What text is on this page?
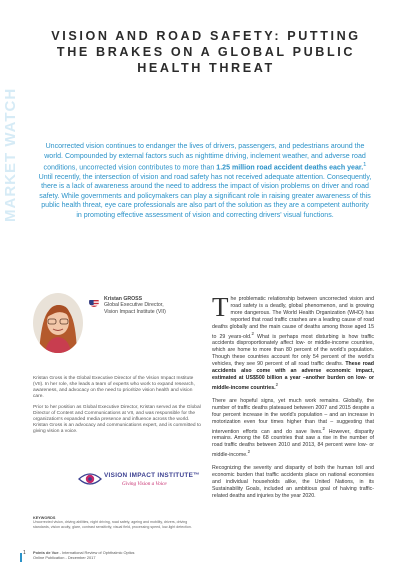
MARKET WATCH
VISION AND ROAD SAFETY: PUTTING THE BRAKES ON A GLOBAL PUBLIC HEALTH THREAT

Uncorrected vision continues to endanger the lives of drivers, passengers, and pedestrians around the world. Compounded by external factors such as nighttime driving, inclement weather, and adverse road conditions, uncorrected vision contributes to more than 1.25 million road accident deaths each year.$^1$ Until recently, the intersection of vision and road safety has not received adequate attention. Consequently, there is a lack of awareness around the need to address the impact of vision problems on driver and road safety. While governments and policymakers can play a significant role in raising greater awareness of this public health threat, eye care professionals are also part of the solution as they are a competent authority in promoting effective assessment of vision and correcting drivers' visual functions.

Kristan GROSS
Global Executive Director,
Vision Impact Institute (VII)

Kristan Gross is the Global Executive Director of the Vision Impact Institute (VII). In her role, she leads a team of experts who work to expand research, awareness, and advocacy on the need to prioritize vision health and vision care.

Prior to her position as Global Executive Director, Kristan served as the Global Director of Content and Communications at VII, and was responsible for the organization's expanded media presence and influence across the world. Kristan Gross is an advocacy and communications expert, and is committed to giving vision a voice.

VISION IMPACT INSTITUTE™
Giving Vision a Voice
KEYWORDS
Uncorrected vision, driving abilities, night driving, road safety, ageing and mobility, drivers, driving standards, vision acuity, glare, contrast sensitivity, visual field, processing speed, low-light detection.

The problematic relationship between uncorrected vision and road safety is a deadly, global phenomenon, and is growing more dangerous. The World Health Organization (WHO) has reported that road traffic crashes are a leading cause of road deaths globally and the main cause of deaths among those aged 15 to 29 years-old.$^2$ What is perhaps most disturbing is how traffic accidents disproportionately affect low- or middle-income countries, which are home to more than 80 percent of the world's population. Though these countries account for only 54 percent of the world's vehicles, they see 90 percent of all road traffic deaths. These road accidents also come with an adverse economic impact, estimated at US$500 billion a year –another burden on low- or middle-income countries.$^2$

There are hopeful signs, yet much work remains. Globally, the number of traffic deaths plateaued between 2007 and 2015 despite a four percent increase in the world's population – and an increase in motorization even four times higher than that – suggesting that intervention efforts can and do save lives.$^2$ However, disparity remains. Among the 68 countries that saw a rise in the number of road traffic deaths between 2010 and 2013, 84 percent were low- or middle-income.$^2$

Recognizing the severity and disparity of both the human toll and economic burden that traffic accidents place on national economies and individual households alike, the United Nations, in its Sustainability Goals, included an ambitious goal of halving traffic-related deaths and injuries by the year 2020.

1 Points de Vue - International Review of Ophthalmic Optics
Online Publication - December 2017
